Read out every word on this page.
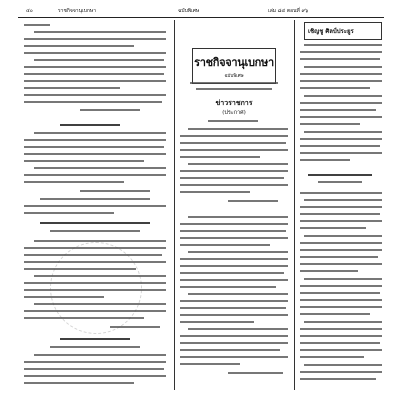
๔๐	ราชกิจจานุเบกษา	ฉบับพิเศษ	เล่ม ๘๔ ตอนที่ ๙๖
ราชกิจจานุเบกษา
ฉบับพิเศษ
ข่าวราชการ
(ประกาศ)
เชิญชู ศิลป์ประยูร
